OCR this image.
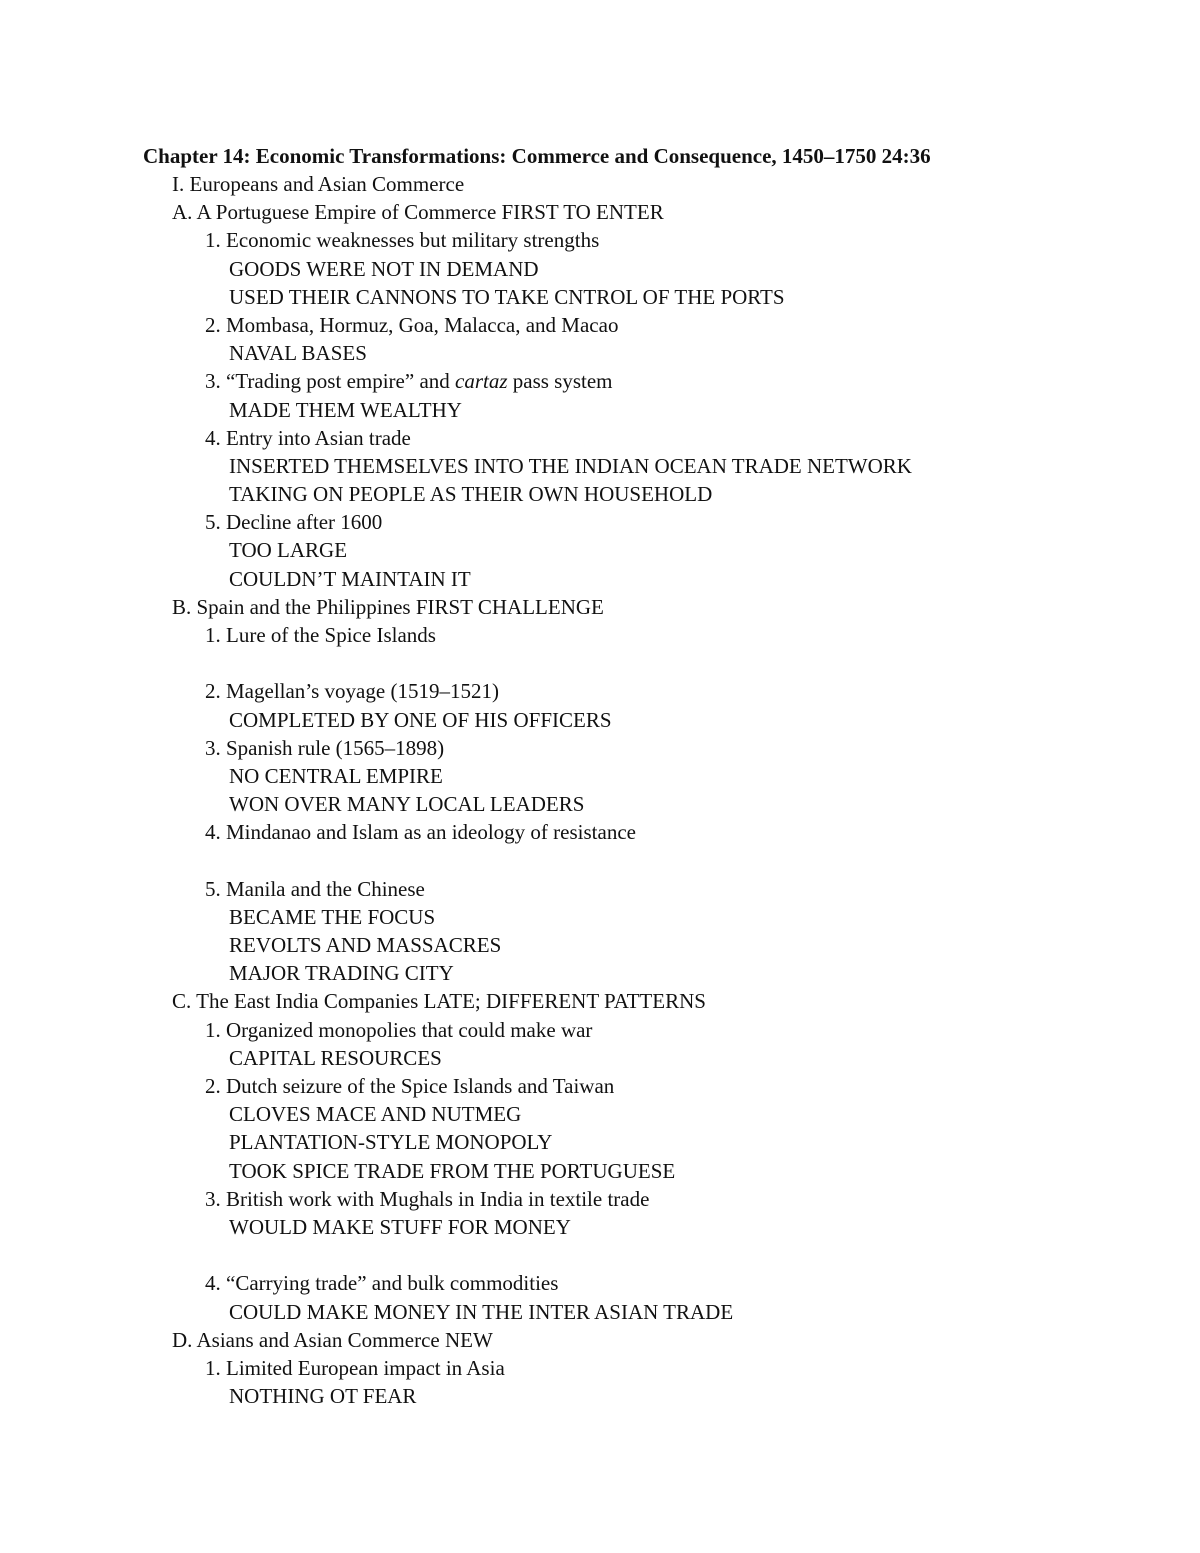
Chapter 14: Economic Transformations: Commerce and Consequence, 1450–1750 24:36
I. Europeans and Asian Commerce
A. A Portuguese Empire of Commerce FIRST TO ENTER
1. Economic weaknesses but military strengths
GOODS WERE NOT IN DEMAND
USED THEIR CANNONS TO TAKE CNTROL OF THE PORTS
2. Mombasa, Hormuz, Goa, Malacca, and Macao
NAVAL BASES
3. “Trading post empire” and cartaz pass system
MADE THEM WEALTHY
4. Entry into Asian trade
INSERTED THEMSELVES INTO THE INDIAN OCEAN TRADE NETWORK
TAKING ON PEOPLE AS THEIR OWN HOUSEHOLD
5. Decline after 1600
TOO LARGE
COULDN’T MAINTAIN IT
B. Spain and the Philippines FIRST CHALLENGE
1. Lure of the Spice Islands
2. Magellan’s voyage (1519–1521)
COMPLETED BY ONE OF HIS OFFICERS
3. Spanish rule (1565–1898)
NO CENTRAL EMPIRE
WON OVER MANY LOCAL LEADERS
4. Mindanao and Islam as an ideology of resistance
5. Manila and the Chinese
BECAME THE FOCUS
REVOLTS AND MASSACRES
MAJOR TRADING CITY
C. The East India Companies LATE; DIFFERENT PATTERNS
1. Organized monopolies that could make war
CAPITAL RESOURCES
2. Dutch seizure of the Spice Islands and Taiwan
CLOVES MACE AND NUTMEG
PLANTATION-STYLE MONOPOLY
TOOK SPICE TRADE FROM THE PORTUGUESE
3. British work with Mughals in India in textile trade
WOULD MAKE STUFF FOR MONEY
4. “Carrying trade” and bulk commodities
COULD MAKE MONEY IN THE INTER ASIAN TRADE
D. Asians and Asian Commerce NEW
1. Limited European impact in Asia
NOTHING OT FEAR
